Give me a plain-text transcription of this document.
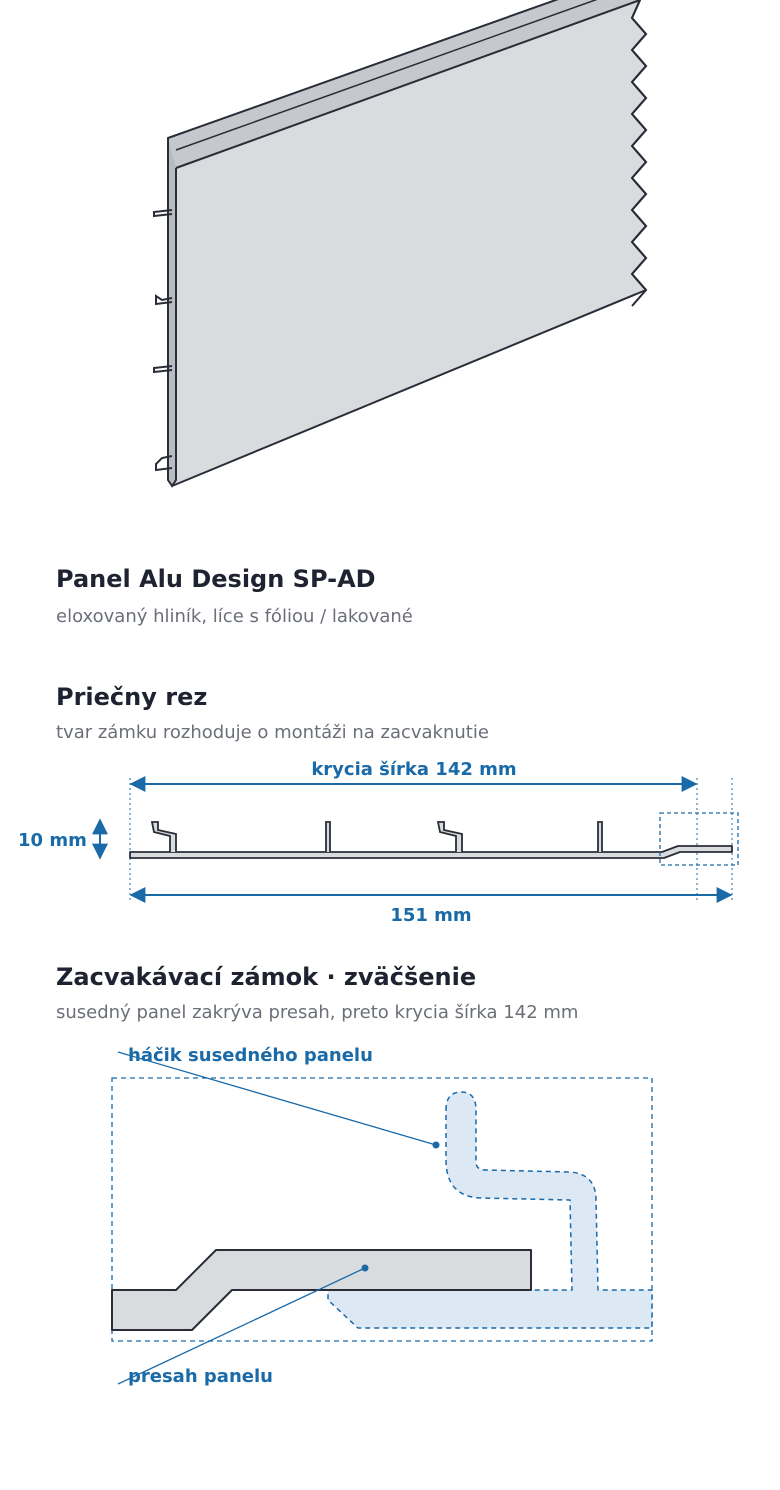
Panel Alu Design SP-AD
eloxovaný hliník, líce s fóliou / lakované
Priečny rez
tvar zámku rozhoduje o montáži na zacvaknutie
krycia šírka 142 mm
151 mm
10 mm
Zacvakávací zámok · zväčšenie
susedný panel zakrýva presah, preto krycia šírka 142 mm
háčik susedného panelu
presah panelu
